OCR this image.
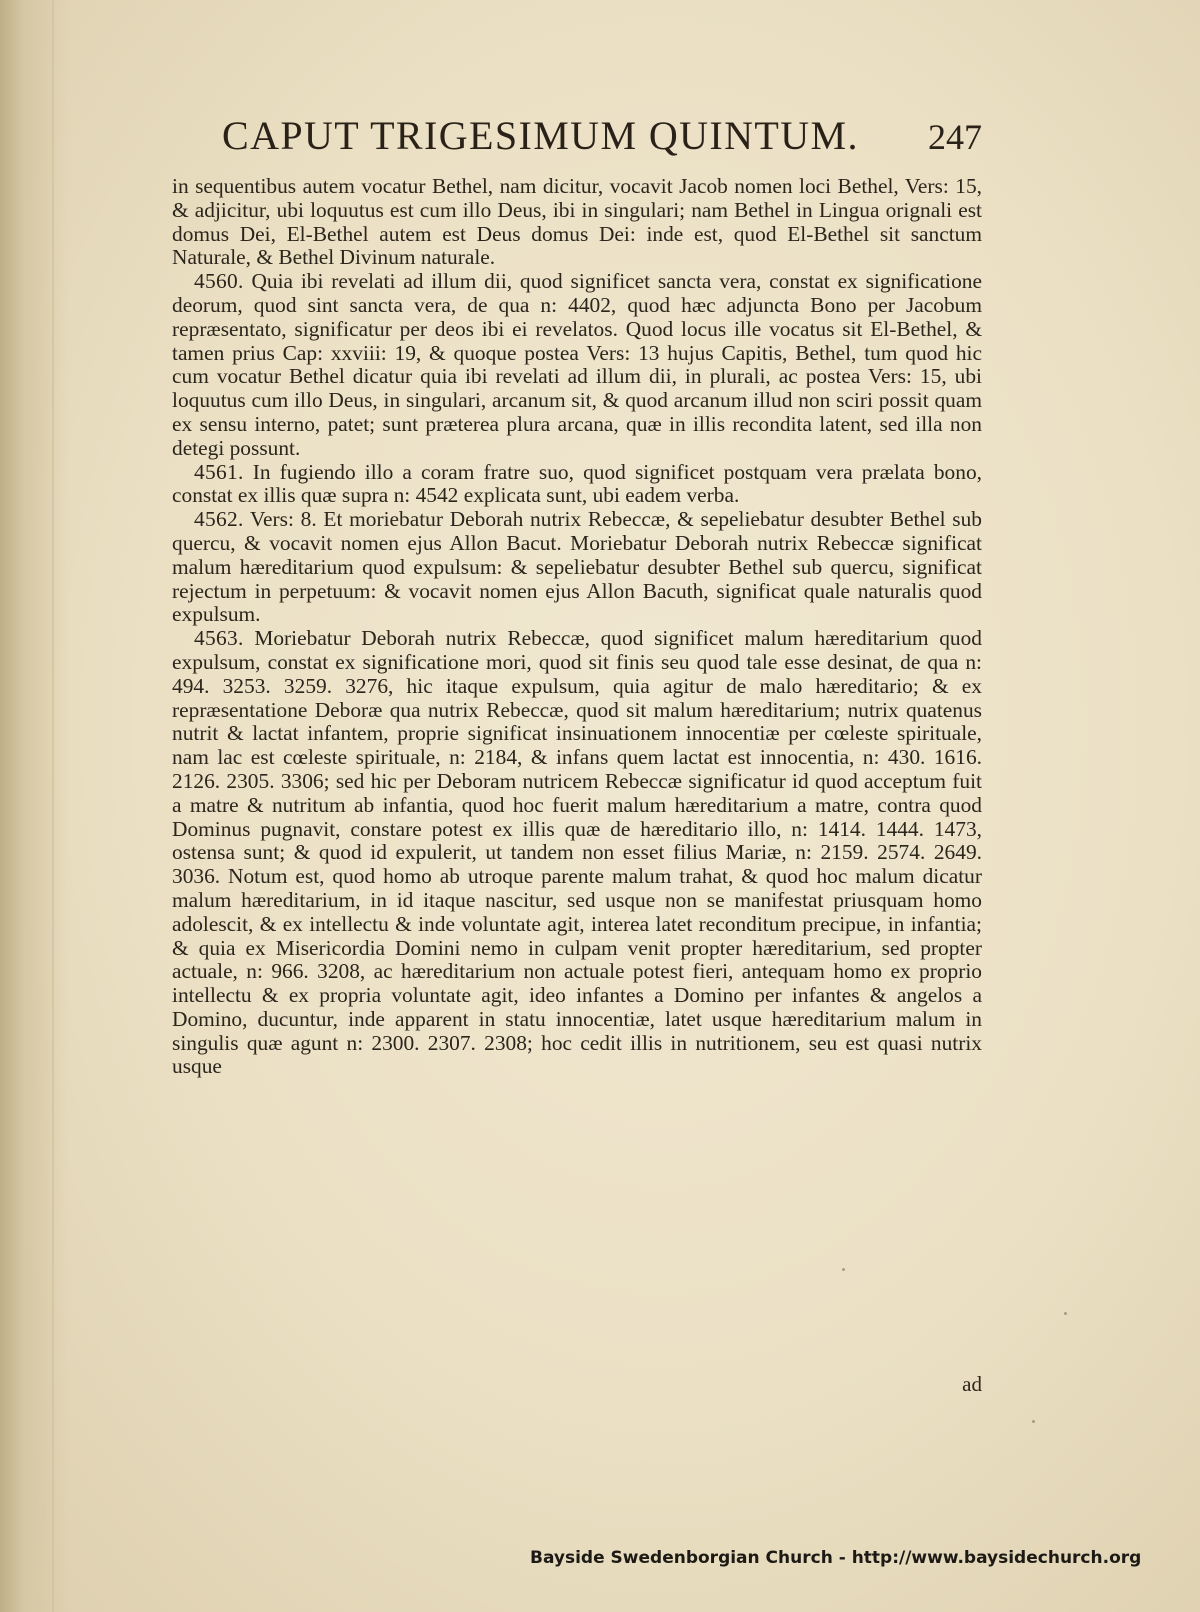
CAPUT TRIGESIMUM QUINTUM. 247

in sequentibus autem vocatur Bethel, nam dicitur, vocavit Jacob nomen loci Bethel, Vers: 15, & adjicitur, ubi loquutus est cum illo Deus, ibi in singulari; nam Bethel in Lingua orignali est domus Dei, El-Bethel autem est Deus domus Dei: inde est, quod El-Bethel sit sanctum Naturale, & Bethel Divinum naturale.

4560. Quia ibi revelati ad illum dii, quod significet sancta vera, constat ex significatione deorum, quod sint sancta vera, de qua n: 4402, quod hæc adjuncta Bono per Jacobum repræsentato, significatur per deos ibi ei revelatos. Quod locus ille vocatus sit El-Bethel, & tamen prius Cap: xxviii: 19, & quoque postea Vers: 13 hujus Capitis, Bethel, tum quod hic cum vocatur Bethel dicatur quia ibi revelati ad illum dii, in plurali, ac postea Vers: 15, ubi loquutus cum illo Deus, in singulari, arcanum sit, & quod arcanum illud non sciri possit quam ex sensu interno, patet; sunt præterea plura arcana, quæ in illis recondita latent, sed illa non detegi possunt.

4561. In fugiendo illo a coram fratre suo, quod significet postquam vera prælata bono, constat ex illis quæ supra n: 4542 explicata sunt, ubi eadem verba.

4562. Vers: 8. Et moriebatur Deborah nutrix Rebeccæ, & sepeliebatur desubter Bethel sub quercu, & vocavit nomen ejus Allon Bacut. Moriebatur Deborah nutrix Rebeccæ significat malum hæreditarium quod expulsum: & sepeliebatur desubter Bethel sub quercu, significat rejectum in perpetuum: & vocavit nomen ejus Allon Bacuth, significat quale naturalis quod expulsum.

4563. Moriebatur Deborah nutrix Rebeccæ, quod significet malum hæreditarium quod expulsum, constat ex significatione mori, quod sit finis seu quod tale esse desinat, de qua n: 494. 3253. 3259. 3276, hic itaque expulsum, quia agitur de malo hæreditario; & ex repræsentatione Deboræ qua nutrix Rebeccæ, quod sit malum hæreditarium; nutrix quatenus nutrit & lactat infantem, proprie significat insinuationem innocentiæ per cœleste spirituale, nam lac est cœleste spirituale, n: 2184, & infans quem lactat est innocentia, n: 430. 1616. 2126. 2305. 3306; sed hic per Deboram nutricem Rebeccæ significatur id quod acceptum fuit a matre & nutritum ab infantia, quod hoc fuerit malum hæreditarium a matre, contra quod Dominus pugnavit, constare potest ex illis quæ de hæreditario illo, n: 1414. 1444. 1473, ostensa sunt; & quod id expulerit, ut tandem non esset filius Mariæ, n: 2159. 2574. 2649. 3036. Notum est, quod homo ab utroque parente malum trahat, & quod hoc malum dicatur malum hæreditarium, in id itaque nascitur, sed usque non se manifestat priusquam homo adolescit, & ex intellectu & inde voluntate agit, interea latet reconditum precipue, in infantia; & quia ex Misericordia Domini nemo in culpam venit propter hæreditarium, sed propter actuale, n: 966. 3208, ac hæreditarium non actuale potest fieri, antequam homo ex proprio intellectu & ex propria voluntate agit, ideo infantes a Domino per infantes & angelos a Domino, ducuntur, inde apparent in statu innocentiæ, latet usque hæreditarium malum in singulis quæ agunt n: 2300. 2307. 2308; hoc cedit illis in nutritionem, seu est quasi nutrix usque

ad
Bayside Swedenborgian Church - http://www.baysidechurch.org
